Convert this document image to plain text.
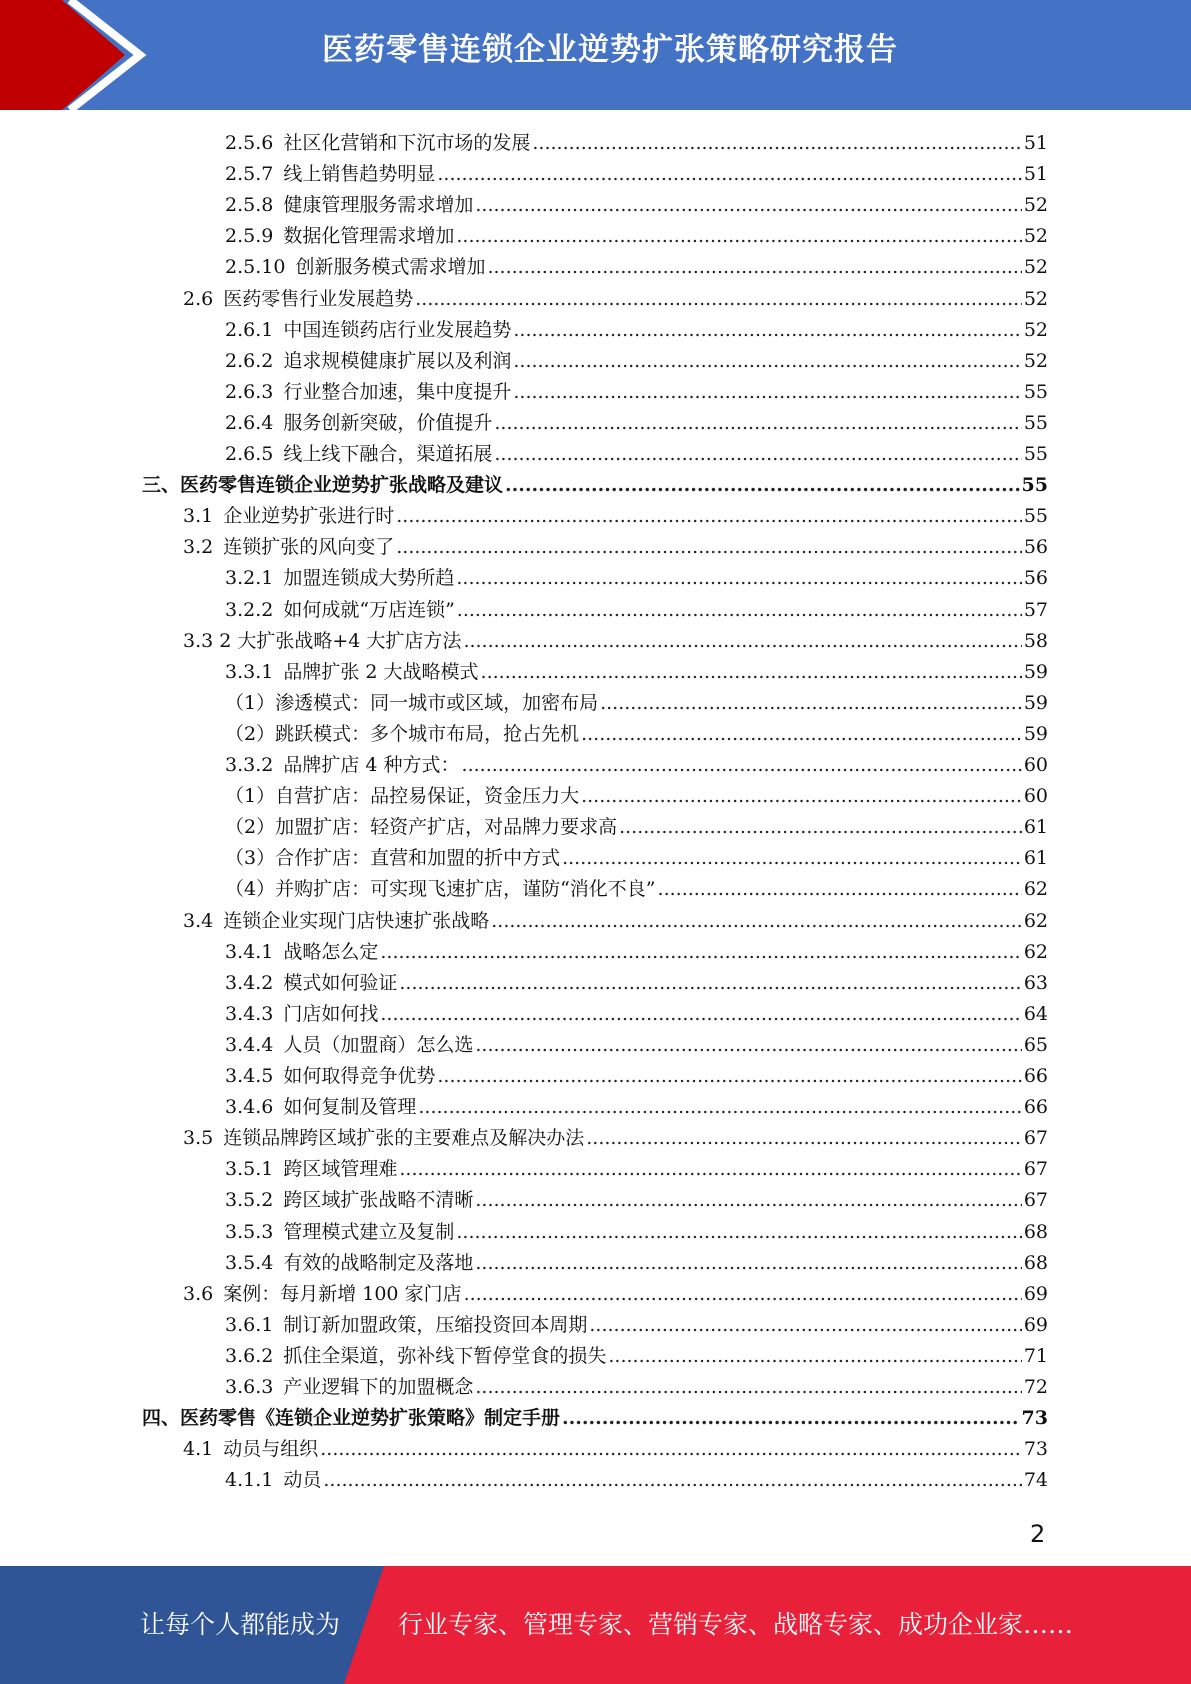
医药零售连锁企业逆势扩张策略研究报告
2.5.6 社区化营销和下沉市场的发展 .....	51
2.5.7 线上销售趋势明显 .....	51
2.5.8 健康管理服务需求增加 .....	52
2.5.9 数据化管理需求增加 .....	52
2.5.10 创新服务模式需求增加 .....	52
2.6 医药零售行业发展趋势 .....	52
2.6.1 中国连锁药店行业发展趋势 .....	52
2.6.2 追求规模健康扩展以及利润 .....	52
2.6.3 行业整合加速，集中度提升 .....	55
2.6.4 服务创新突破，价值提升 .....	55
2.6.5 线上线下融合，渠道拓展 .....	55
三、医药零售连锁企业逆势扩张战略及建议 .....	55
3.1 企业逆势扩张进行时 .....	55
3.2 连锁扩张的风向变了 .....	56
3.2.1 加盟连锁成大势所趋 .....	56
3.2.2 如何成就“万店连锁” .....	57
3.3 2 大扩张战略+4 大扩店方法 .....	58
3.3.1 品牌扩张 2 大战略模式 .....	59
（1）渗透模式：同一城市或区域，加密布局 .....	59
（2）跳跃模式：多个城市布局，抢占先机 .....	59
3.3.2 品牌扩店 4 种方式： .....	60
（1）自营扩店：品控易保证，资金压力大 .....	60
（2）加盟扩店：轻资产扩店，对品牌力要求高 .....	61
（3）合作扩店：直营和加盟的折中方式 .....	61
（4）并购扩店：可实现飞速扩店，谨防“消化不良” .....	62
3.4 连锁企业实现门店快速扩张战略 .....	62
3.4.1 战略怎么定 .....	62
3.4.2 模式如何验证 .....	63
3.4.3 门店如何找 .....	64
3.4.4 人员（加盟商）怎么选 .....	65
3.4.5 如何取得竞争优势 .....	66
3.4.6 如何复制及管理 .....	66
3.5 连锁品牌跨区域扩张的主要难点及解决办法 .....	67
3.5.1 跨区域管理难 .....	67
3.5.2 跨区域扩张战略不清晰 .....	67
3.5.3 管理模式建立及复制 .....	68
3.5.4 有效的战略制定及落地 .....	68
3.6 案例：每月新增 100 家门店 .....	69
3.6.1 制订新加盟政策，压缩投资回本周期 .....	69
3.6.2 抓住全渠道，弥补线下暂停堂食的损失 .....	71
3.6.3 产业逻辑下的加盟概念 .....	72
四、医药零售《连锁企业逆势扩张策略》制定手册 .....	73
4.1 动员与组织 .....	73
4.1.1 动员 .....	74
2
让每个人都能成为 行业专家、管理专家、营销专家、战略专家、成功企业家……
